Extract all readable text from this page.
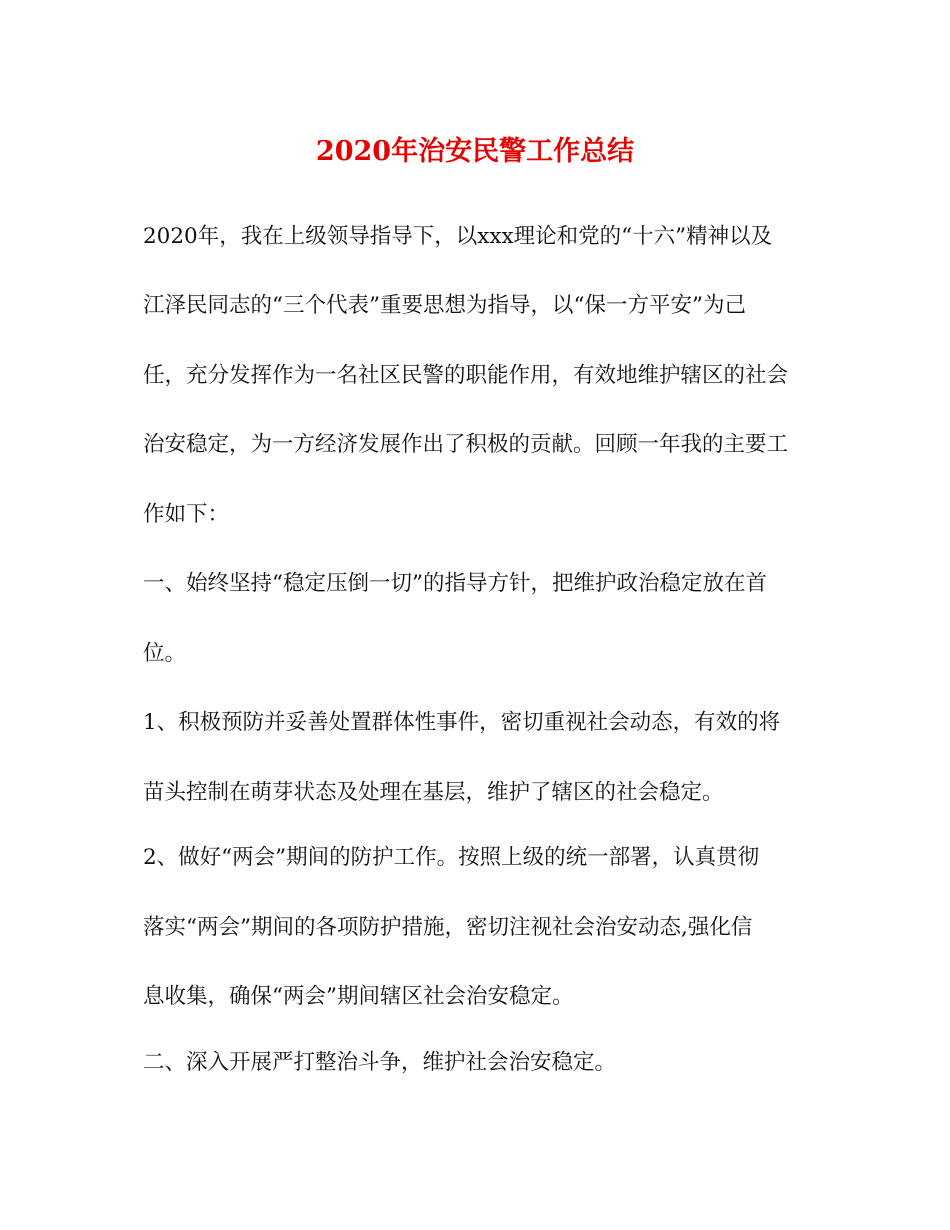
2020年治安民警工作总结
2020年，我在上级领导指导下，以xxx理论和党的“十六”精神以及
江泽民同志的“三个代表”重要思想为指导，以“保一方平安”为己
任，充分发挥作为一名社区民警的职能作用，有效地维护辖区的社会
治安稳定，为一方经济发展作出了积极的贡献。回顾一年我的主要工
作如下：
一、始终坚持“稳定压倒一切”的指导方针，把维护政治稳定放在首
位。
1、积极预防并妥善处置群体性事件，密切重视社会动态，有效的将
苗头控制在萌芽状态及处理在基层，维护了辖区的社会稳定。
2、做好“两会”期间的防护工作。按照上级的统一部署，认真贯彻
落实“两会”期间的各项防护措施，密切注视社会治安动态,强化信
息收集，确保“两会”期间辖区社会治安稳定。
二、深入开展严打整治斗争，维护社会治安稳定。
